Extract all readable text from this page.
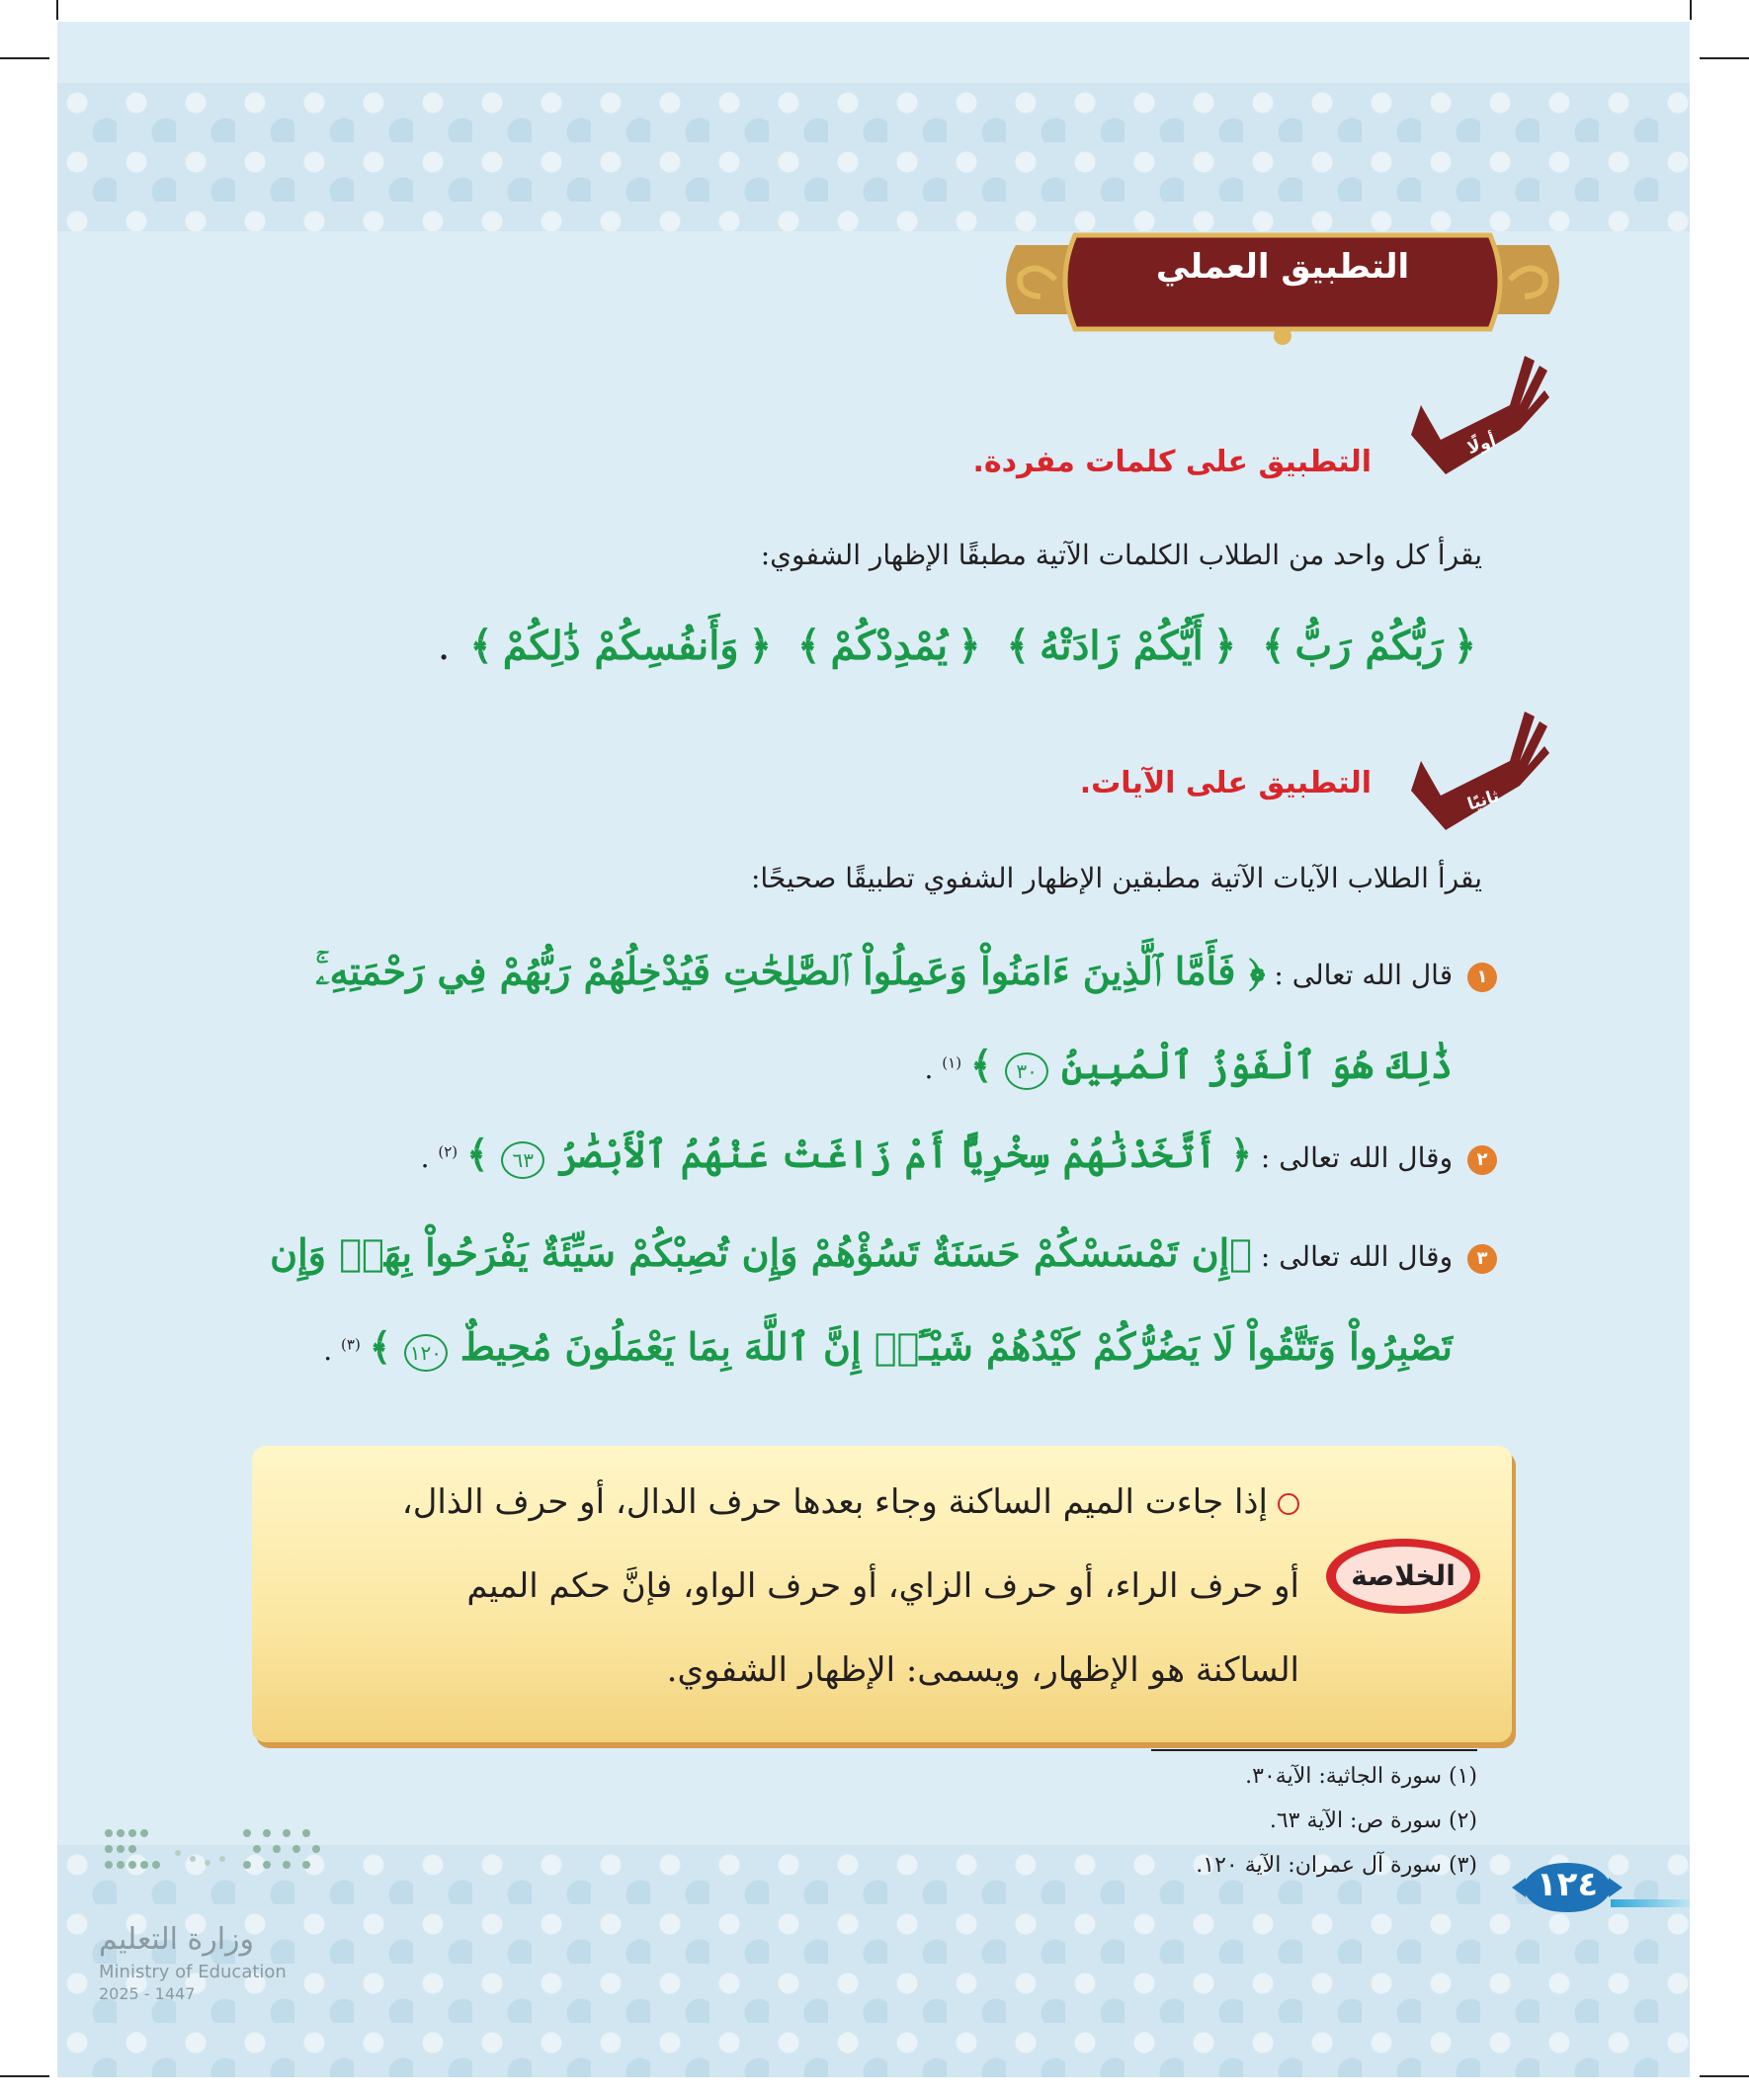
التطبيق العملي
أولًا
التطبيق على كلمات مفردة.
يقرأ كل واحد من الطلاب الكلمات الآتية مطبقًا الإظهار الشفوي:
﴿رَبُّكُمْ رَبُّ﴾ ﴿أَيُّكُمْ زَادَتْهُ﴾ ﴿يُمْدِدْكُمْ﴾ ﴿وَأَنفُسِكُمْ ذَٰلِكُمْ﴾ .
ثانيًا
التطبيق على الآيات.
يقرأ الطلاب الآيات الآتية مطبقين الإظهار الشفوي تطبيقًا صحيحًا:
١ قال الله تعالى : ﴿ فَأَمَّا ٱلَّذِينَ ءَامَنُواْ وَعَمِلُواْ ٱلصَّٰلِحَٰتِ فَيُدْخِلُهُمْ رَبُّهُمْ فِي رَحْمَتِهِۦۚ
ذَٰلِكَ هُوَ ٱلْفَوْزُ ٱلْمُبِينُ ٣٠ ﴾ $^{(١)}$ .
٢ وقال الله تعالى : ﴿ أَتَّخَذْنَٰهُمْ سِخْرِيًّا أَمْ زَاغَتْ عَنْهُمُ ٱلْأَبْصَٰرُ ٦٣ ﴾ $^{(٢)}$ .
٣ وقال الله تعالى : ﴿إِن تَمْسَسْكُمْ حَسَنَةٌ تَسُؤْهُمْ وَإِن تُصِبْكُمْ سَيِّئَةٌ يَفْرَحُواْ بِهَاۖ وَإِن
تَصْبِرُواْ وَتَتَّقُواْ لَا يَضُرُّكُمْ كَيْدُهُمْ شَيْـًٔاۗ إِنَّ ٱللَّهَ بِمَا يَعْمَلُونَ مُحِيطٌ ١٢٠ ﴾ $^{(٣)}$ .
الخلاصة
إذا جاءت الميم الساكنة وجاء بعدها حرف الدال، أو حرف الذال،
أو حرف الراء، أو حرف الزاي، أو حرف الواو، فإنَّ حكم الميم
الساكنة هو الإظهار، ويسمى: الإظهار الشفوي.
(١) سورة الجاثية: الآية٣٠.
(٢) سورة ص: الآية ٦٣.
(٣) سورة آل عمران: الآية ١٢٠.	١٢٤
وزارة التعليم
Ministry of Education
2025 - 1447
